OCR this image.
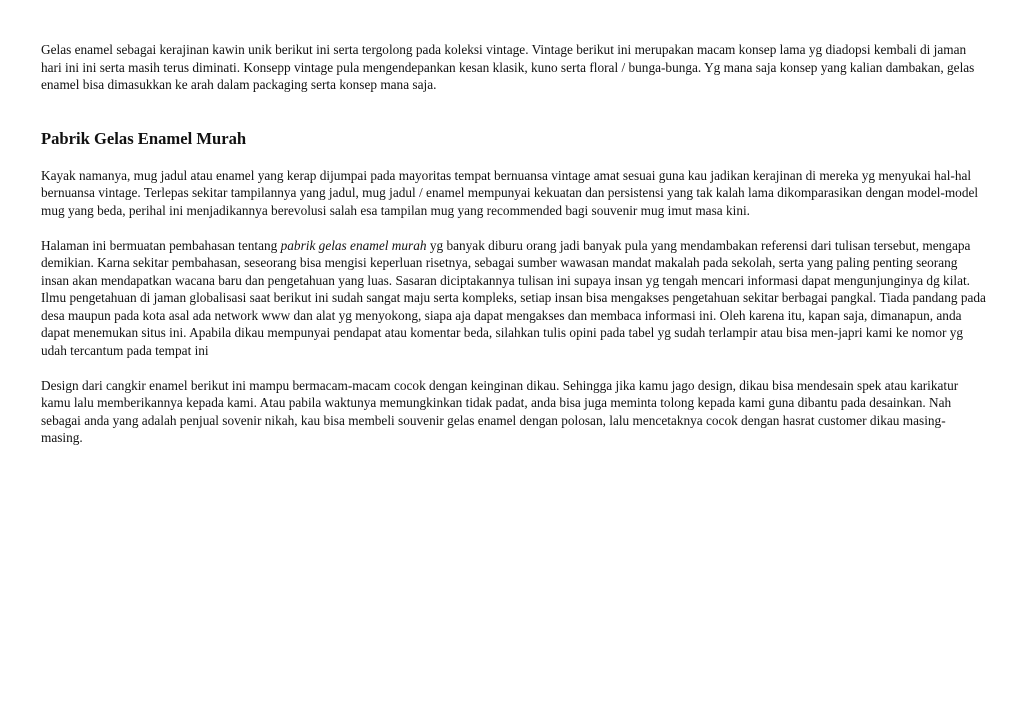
Gelas enamel sebagai kerajinan kawin unik berikut ini serta tergolong pada koleksi vintage. Vintage berikut ini merupakan macam konsep lama yg diadopsi kembali di jaman hari ini ini serta masih terus diminati. Konsepp vintage pula mengendepankan kesan klasik, kuno serta floral / bunga-bunga. Yg mana saja konsep yang kalian dambakan, gelas enamel bisa dimasukkan ke arah dalam packaging serta konsep mana saja.

Pabrik Gelas Enamel Murah

Kayak namanya, mug jadul atau enamel yang kerap dijumpai pada mayoritas tempat bernuansa vintage amat sesuai guna kau jadikan kerajinan di mereka yg menyukai hal-hal bernuansa vintage. Terlepas sekitar tampilannya yang jadul, mug jadul / enamel mempunyai kekuatan dan persistensi yang tak kalah lama dikomparasikan dengan model-model mug yang beda, perihal ini menjadikannya berevolusi salah esa tampilan mug yang recommended bagi souvenir mug imut masa kini.

Halaman ini bermuatan pembahasan tentang pabrik gelas enamel murah yg banyak diburu orang jadi banyak pula yang mendambakan referensi dari tulisan tersebut, mengapa demikian. Karna sekitar pembahasan, seseorang bisa mengisi keperluan risetnya, sebagai sumber wawasan mandat makalah pada sekolah, serta yang paling penting seorang insan akan mendapatkan wacana baru dan pengetahuan yang luas. Sasaran diciptakannya tulisan ini supaya insan yg tengah mencari informasi dapat mengunjunginya dg kilat. Ilmu pengetahuan di jaman globalisasi saat berikut ini sudah sangat maju serta kompleks, setiap insan bisa mengakses pengetahuan sekitar berbagai pangkal. Tiada pandang pada desa maupun pada kota asal ada network www dan alat yg menyokong, siapa aja dapat mengakses dan membaca informasi ini. Oleh karena itu, kapan saja, dimanapun, anda dapat menemukan situs ini. Apabila dikau mempunyai pendapat atau komentar beda, silahkan tulis opini pada tabel yg sudah terlampir atau bisa men-japri kami ke nomor yg udah tercantum pada tempat ini

Design dari cangkir enamel berikut ini mampu bermacam-macam cocok dengan keinginan dikau. Sehingga jika kamu jago design, dikau bisa mendesain spek atau karikatur kamu lalu memberikannya kepada kami. Atau pabila waktunya memungkinkan tidak padat, anda bisa juga meminta tolong kepada kami guna dibantu pada desainkan. Nah sebagai anda yang adalah penjual sovenir nikah, kau bisa membeli souvenir gelas enamel dengan polosan, lalu mencetaknya cocok dengan hasrat customer dikau masing-masing.
